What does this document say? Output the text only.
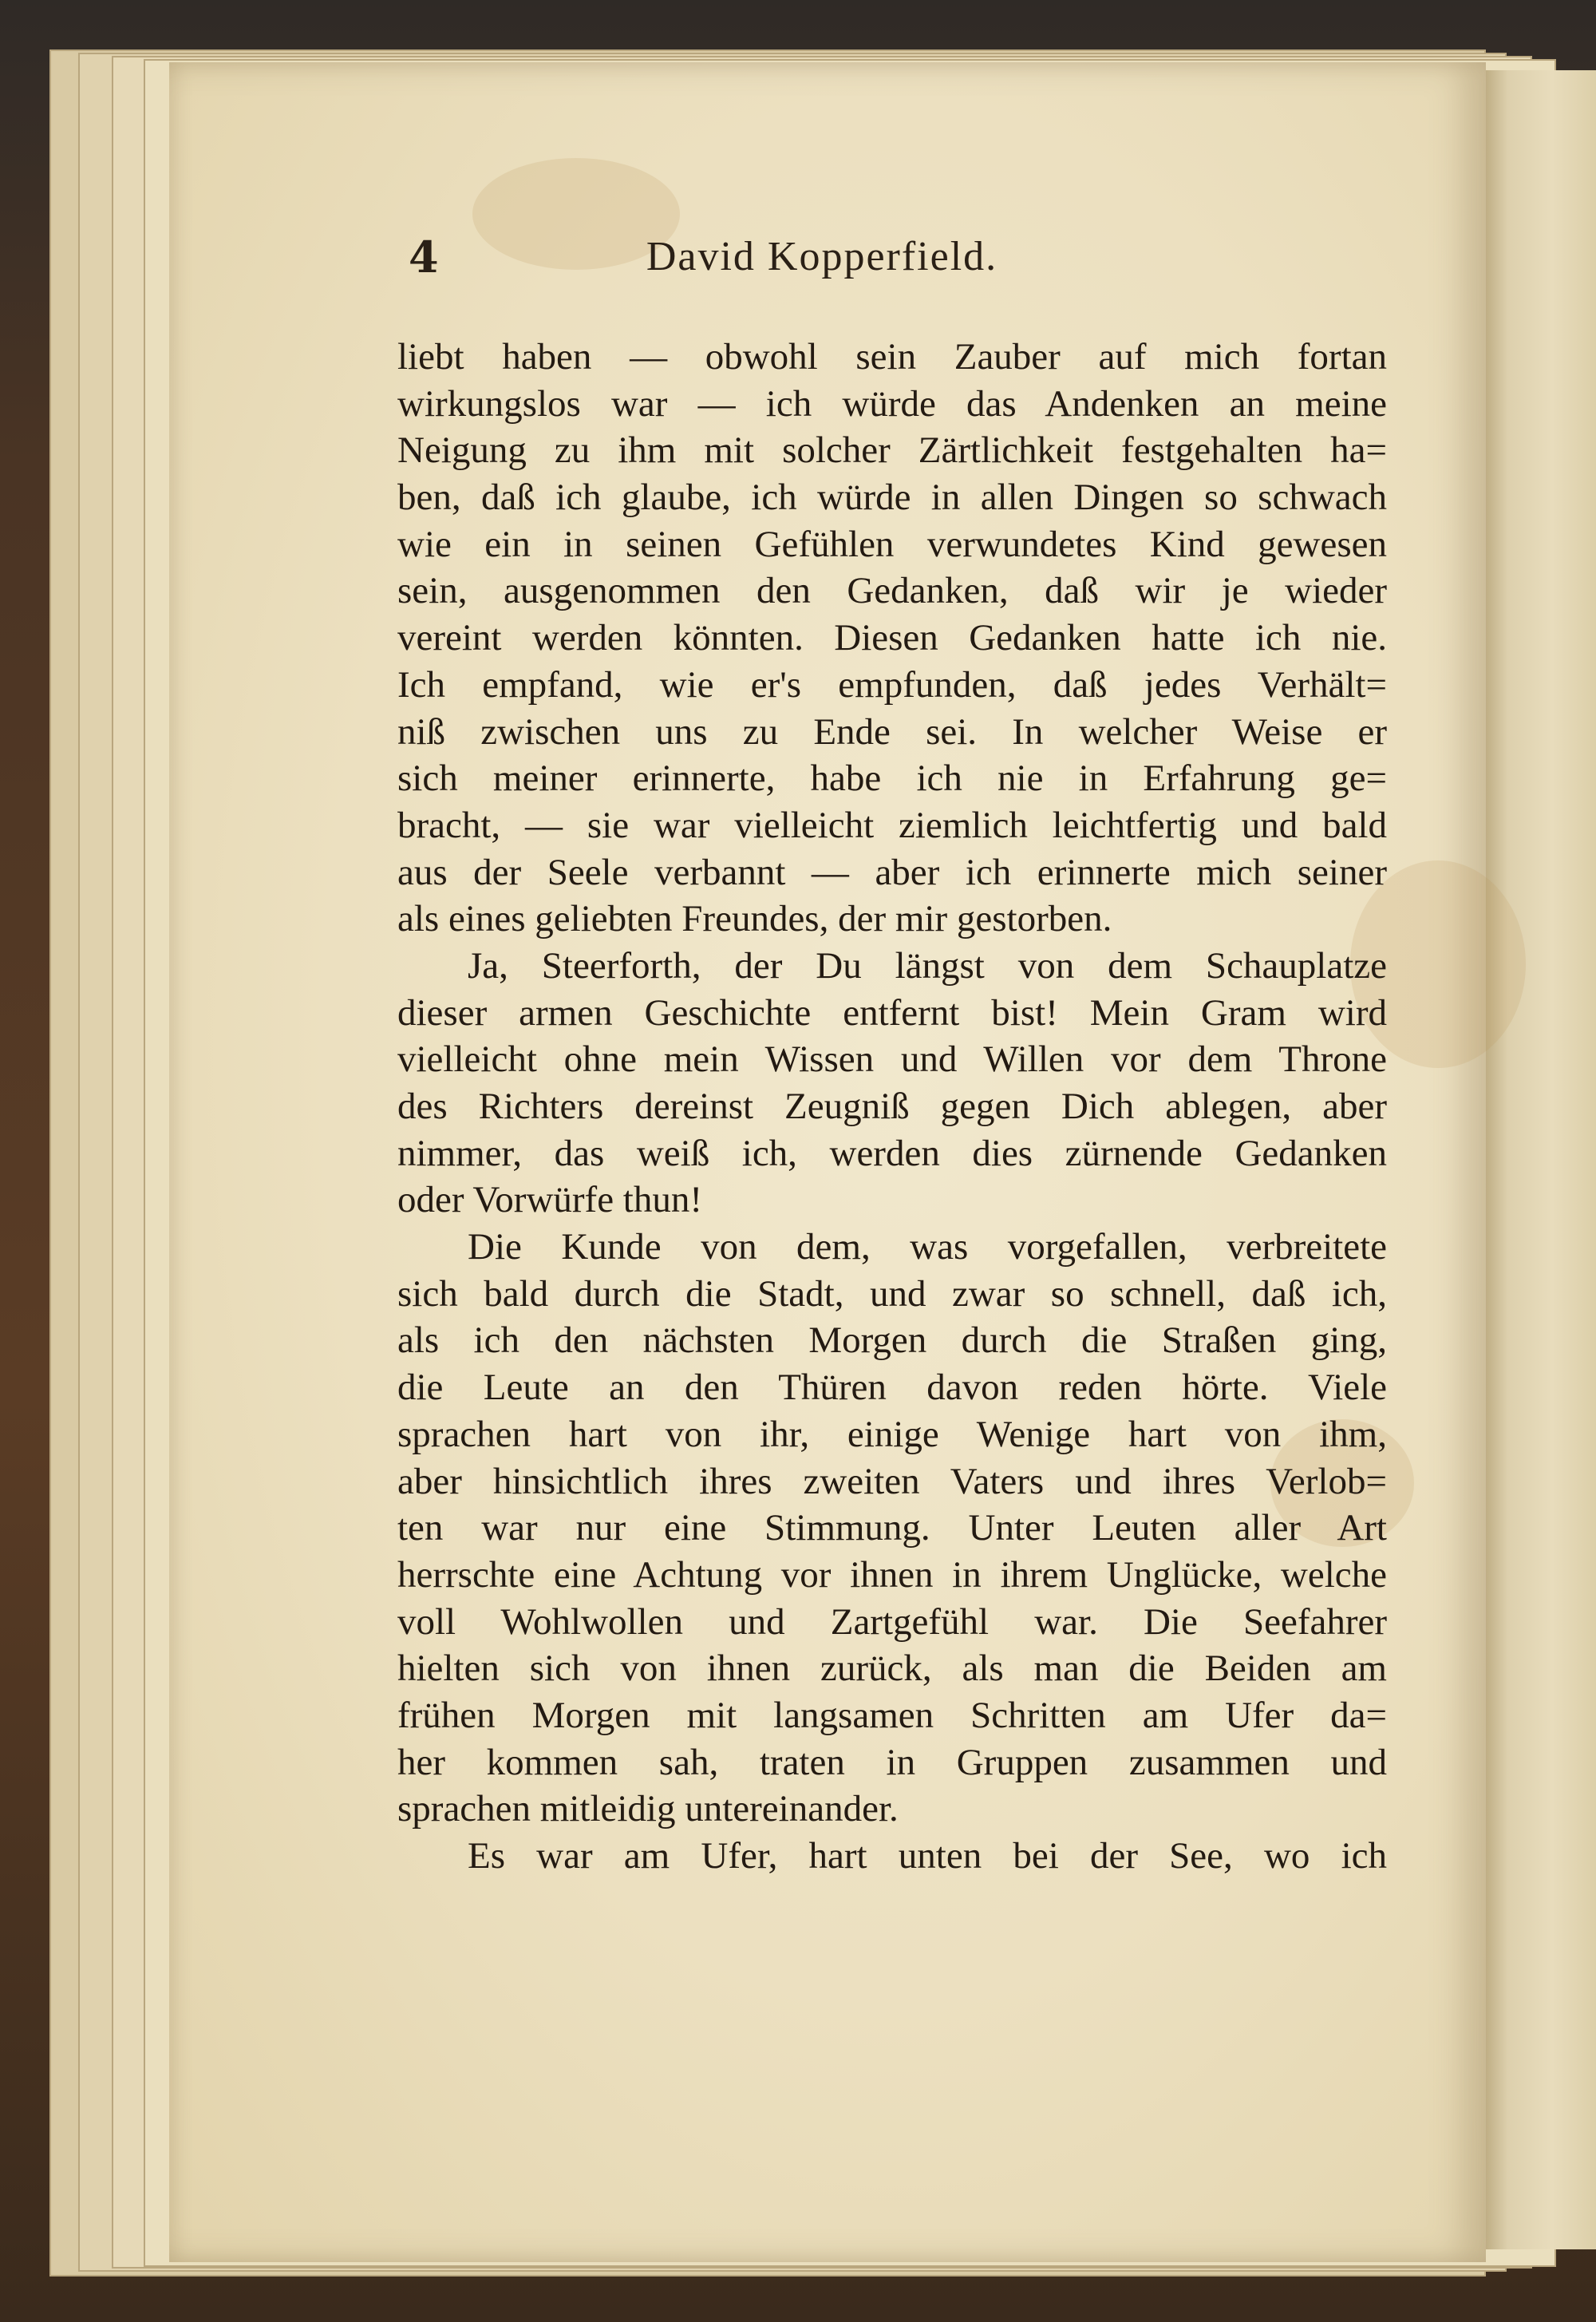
4	David Kopperfield.
liebt haben — obwohl sein Zauber auf mich fortan
wirkungslos war — ich würde das Andenken an meine
Neigung zu ihm mit solcher Zärtlichkeit festgehalten ha=
ben, daß ich glaube, ich würde in allen Dingen so schwach
wie ein in seinen Gefühlen verwundetes Kind gewesen
sein, ausgenommen den Gedanken, daß wir je wieder
vereint werden könnten. Diesen Gedanken hatte ich nie.
Ich empfand, wie er's empfunden, daß jedes Verhält=
niß zwischen uns zu Ende sei. In welcher Weise er
sich meiner erinnerte, habe ich nie in Erfahrung ge=
bracht, — sie war vielleicht ziemlich leichtfertig und bald
aus der Seele verbannt — aber ich erinnerte mich seiner
als eines geliebten Freundes, der mir gestorben.
Ja, Steerforth, der Du längst von dem Schauplatze
dieser armen Geschichte entfernt bist! Mein Gram wird
vielleicht ohne mein Wissen und Willen vor dem Throne
des Richters dereinst Zeugniß gegen Dich ablegen, aber
nimmer, das weiß ich, werden dies zürnende Gedanken
oder Vorwürfe thun!
Die Kunde von dem, was vorgefallen, verbreitete
sich bald durch die Stadt, und zwar so schnell, daß ich,
als ich den nächsten Morgen durch die Straßen ging,
die Leute an den Thüren davon reden hörte. Viele
sprachen hart von ihr, einige Wenige hart von ihm,
aber hinsichtlich ihres zweiten Vaters und ihres Verlob=
ten war nur eine Stimmung. Unter Leuten aller Art
herrschte eine Achtung vor ihnen in ihrem Unglücke, welche
voll Wohlwollen und Zartgefühl war. Die Seefahrer
hielten sich von ihnen zurück, als man die Beiden am
frühen Morgen mit langsamen Schritten am Ufer da=
her kommen sah, traten in Gruppen zusammen und
sprachen mitleidig untereinander.
Es war am Ufer, hart unten bei der See, wo ich
